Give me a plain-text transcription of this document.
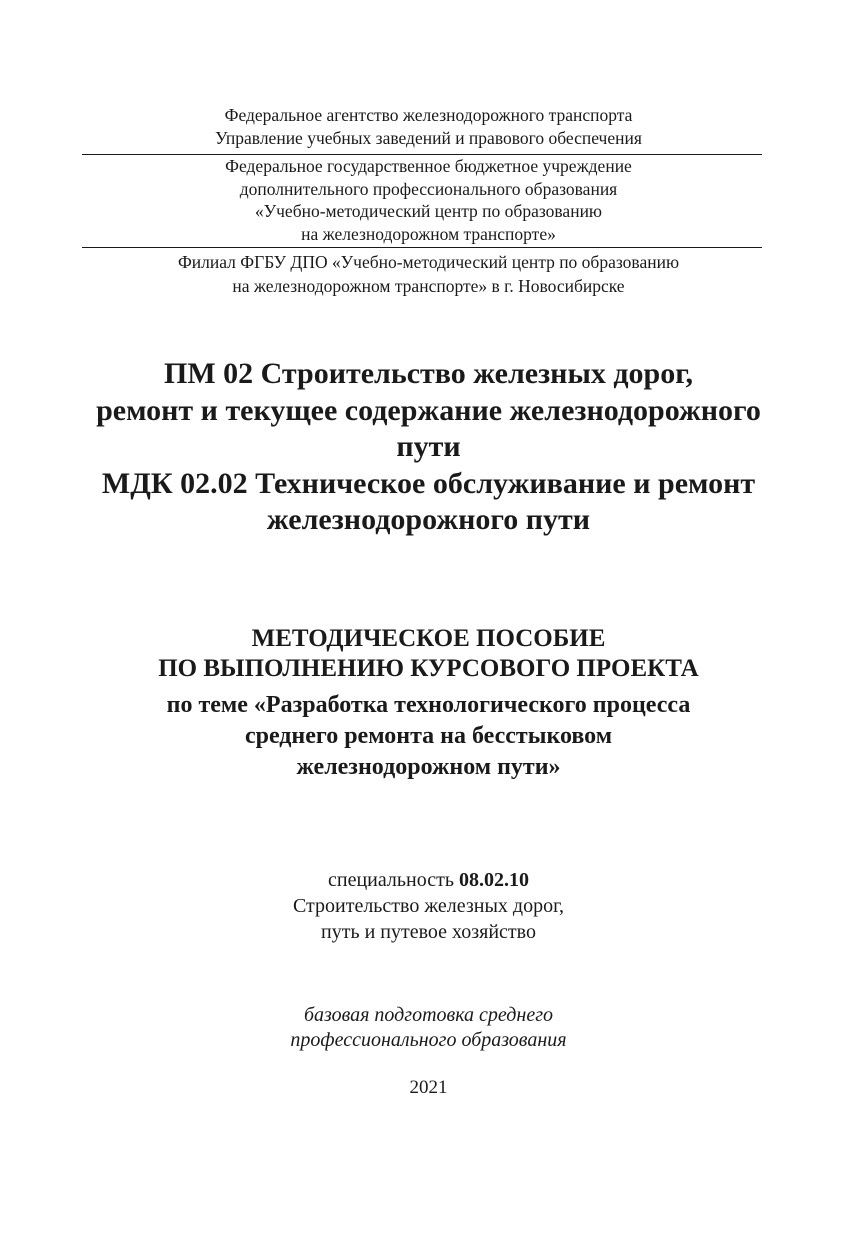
Федеральное агентство железнодорожного транспорта
Управление учебных заведений и правового обеспечения
Федеральное государственное бюджетное учреждение
дополнительного профессионального образования
«Учебно-методический центр по образованию
на железнодорожном транспорте»
Филиал ФГБУ ДПО «Учебно-методический центр по образованию
на железнодорожном транспорте» в г. Новосибирске
ПМ 02 Строительство железных дорог,
ремонт и текущее содержание железнодорожного
пути
МДК 02.02 Техническое обслуживание и ремонт
железнодорожного пути
МЕТОДИЧЕСКОЕ ПОСОБИЕ
ПО ВЫПОЛНЕНИЮ КУРСОВОГО ПРОЕКТА
по теме «Разработка технологического процесса
среднего ремонта на бесстыковом
железнодорожном пути»
специальность 08.02.10
Строительство железных дорог,
путь и путевое хозяйство
базовая подготовка среднего
профессионального образования
2021
